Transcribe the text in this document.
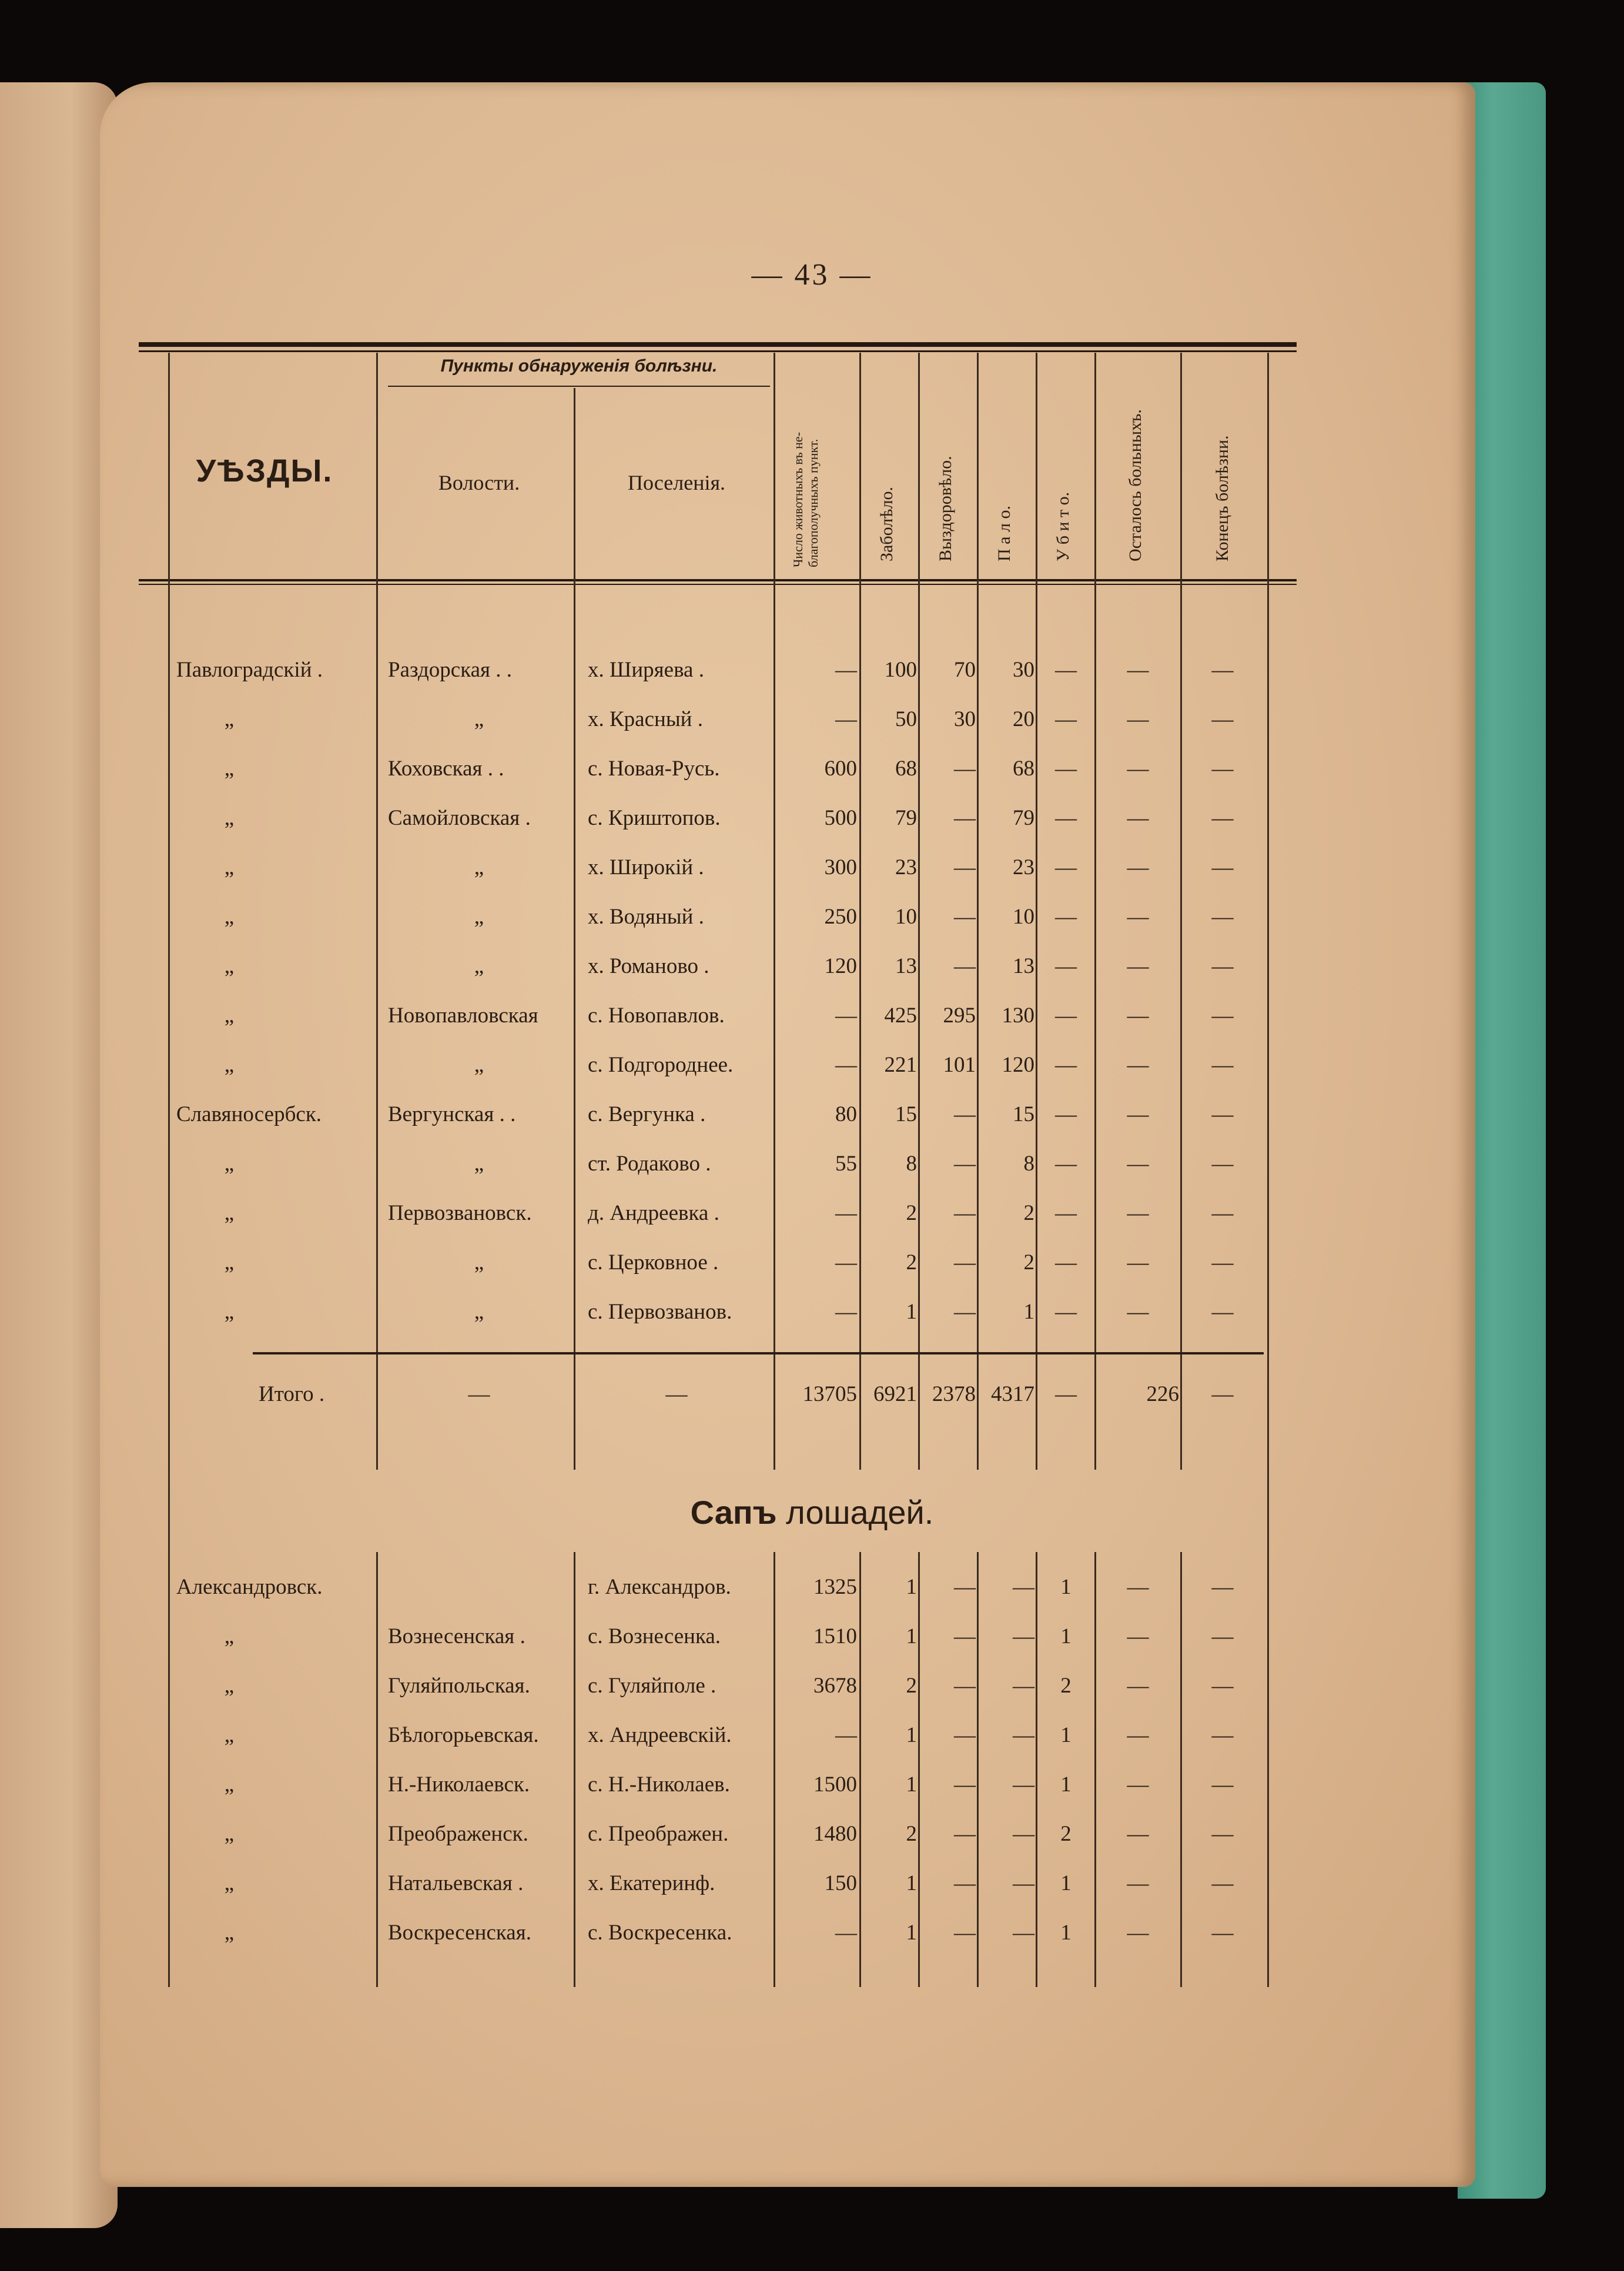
— 43 —
УѢЗДЫ.
Пункты обнаруженія болѣзни.
Волости.	Поселенія.	Число животныхъ въ не-благополучныхъ пункт.	Заболѣло. Выздоровѣло. П а л о. У б и т о.	Осталось больныхъ.	Конецъ болѣзни.
Павлоградскій .	Раздорская . .	х. Ширяева .	—	100	70	30 —	—	—
„	„	х. Красный .	—	50	30	20 —	—	—
„	Коховская . .	с. Новая-Русь.	600	68	—	68 —	—	—
„	Самойловская .	с. Криштопов.	500	79	—	79 —	—	—
„	„	х. Широкій .	300	23	—	23 —	—	—
„	„	х. Водяный .	250	10	—	10 —	—	—
„	„	х. Романово .	120	13	—	13 —	—	—
„	Новопавловская	с. Новопавлов.	—	425	295	130 —	—	—
„	„	с. Подгороднее.	—	221	101	120 —	—	—
Славяносербск.	Вергунская . .	с. Вергунка .	80	15	—	15 —	—	—
„	„	ст. Родаково .	55	8	—	8 —	—	—
„	Первозвановск.	д. Андреевка .	—	2	—	2 —	—	—
„	„	с. Церковное .	—	2	—	2 —	—	—
„	„	с. Первозванов.	—	1	—	1 —	—	—
Итого .	—	—	13705 6921 2378 4317 —	226	—
Сапъ лошадей.
Александровск.	г. Александров.	1325	1	—	—	1	—	—
„	Вознесенская .	с. Вознесенка.	1510	1	—	—	1	—	—
„	Гуляйпольская.	с. Гуляйполе .	3678	2	—	—	2	—	—
„	Бѣлогорьевская.	х. Андреевскій.	—	1	—	—	1	—	—
„	Н.-Николаевск.	с. Н.-Николаев.	1500	1	—	—	1	—	—
„	Преображенск.	с. Преображен.	1480	2	—	—	2	—	—
„	Натальевская .	х. Екатеринф.	150	1	—	—	1	—	—
„	Воскресенская.	с. Воскресенка.	—	1	—	—	1	—	—
